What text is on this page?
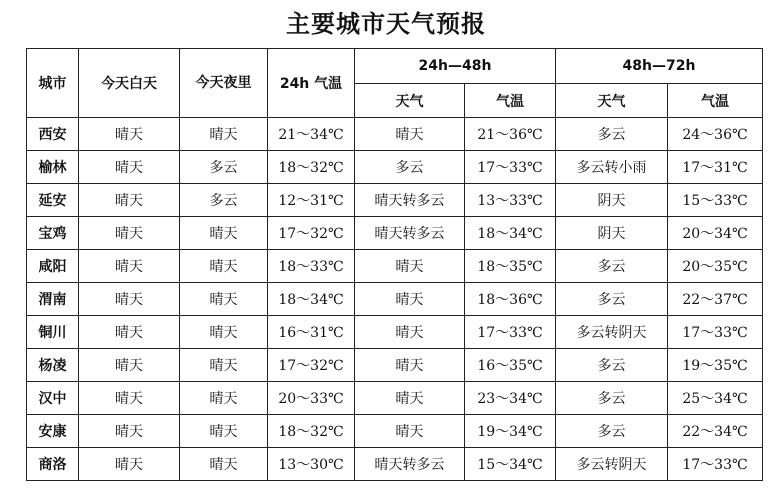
主要城市天气预报
城市	今天白天	今天夜里	24h 气温	24h—48h		48h—72h	
				天气	气温	天气	气温
西安	晴天	晴天	21～34℃	晴天	21～36℃	多云	24～36℃
榆林	晴天	多云	18～32℃	多云	17～33℃	多云转小雨	17～31℃
延安	晴天	多云	12～31℃	晴天转多云	13～33℃	阴天	15～33℃
宝鸡	晴天	晴天	17～32℃	晴天转多云	18～34℃	阴天	20～34℃
咸阳	晴天	晴天	18～33℃	晴天	18～35℃	多云	20～35℃
渭南	晴天	晴天	18～34℃	晴天	18～36℃	多云	22～37℃
铜川	晴天	晴天	16～31℃	晴天	17～33℃	多云转阴天	17～33℃
杨凌	晴天	晴天	17～32℃	晴天	16～35℃	多云	19～35℃
汉中	晴天	晴天	20～33℃	晴天	23～34℃	多云	25～34℃
安康	晴天	晴天	18～32℃	晴天	19～34℃	多云	22～34℃
商洛	晴天	晴天	13～30℃	晴天转多云	15～34℃	多云转阴天	17～33℃
